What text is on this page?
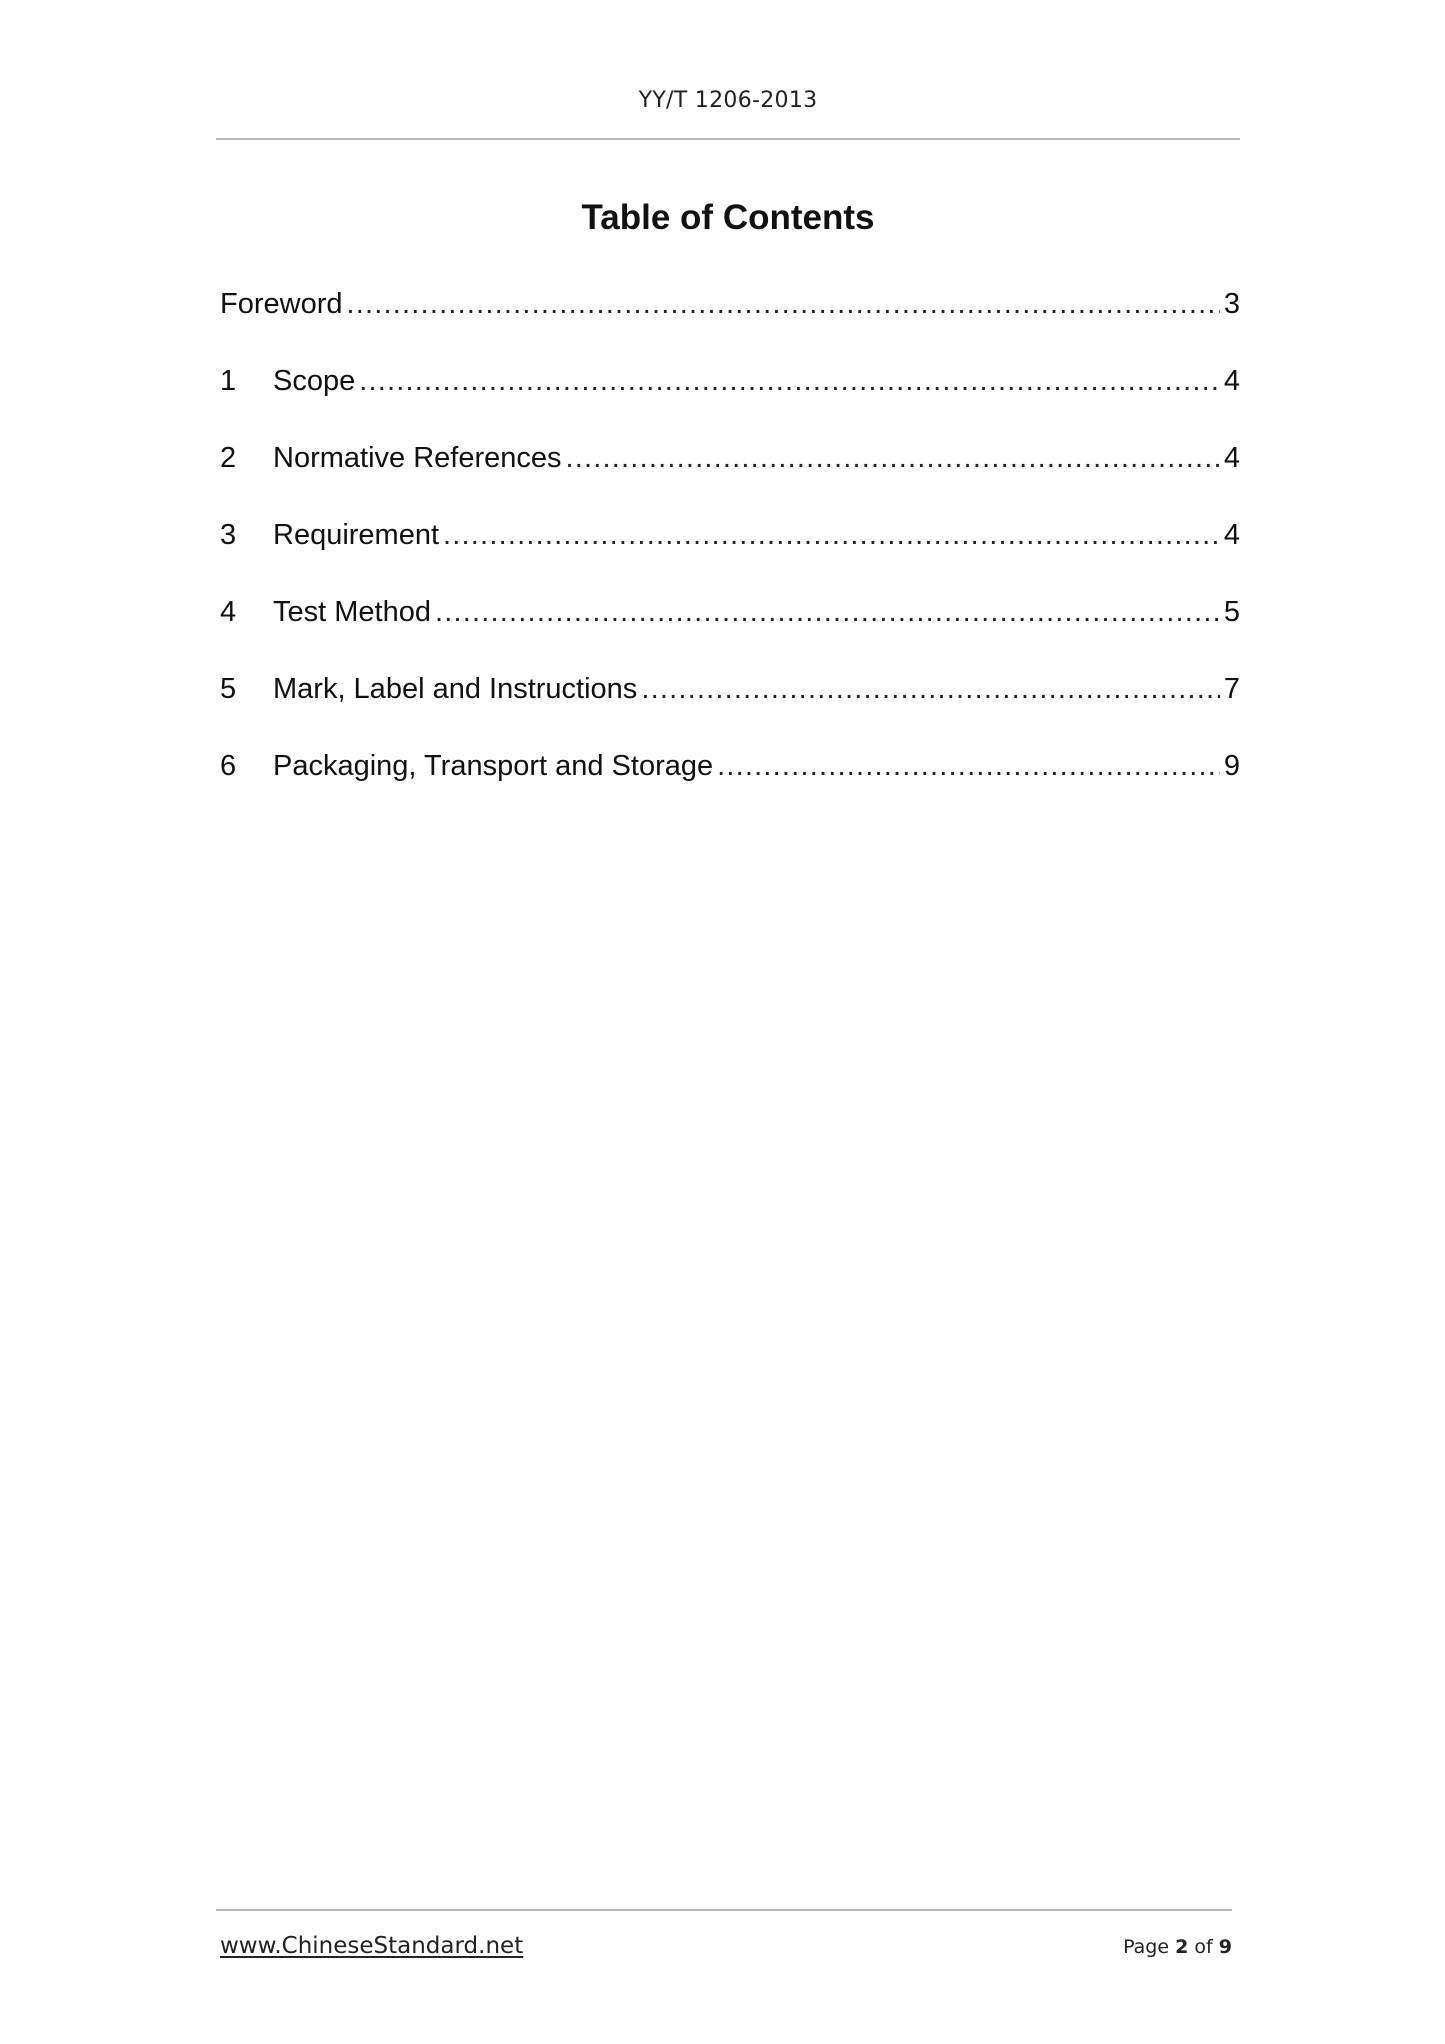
YY/T 1206-2013
Table of Contents
Foreword .....	3
1	Scope .....	4
2	Normative References .....	4
3	Requirement .....	4
4	Test Method .....	5
5	Mark, Label and Instructions .....	7
6	Packaging, Transport and Storage .....	9
www.ChineseStandard.net	Page 2 of 9
